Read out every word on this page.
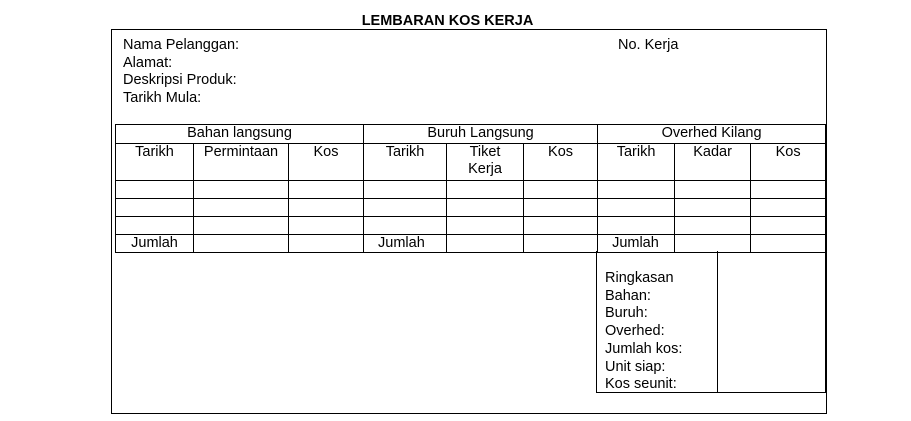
LEMBARAN KOS KERJA
Nama Pelanggan:
Alamat:
Deskripsi Produk:
Tarikh Mula:
No. Kerja
Bahan langsung			Buruh Langsung			Overhed Kilang		
Tarikh	Permintaan	Kos	Tarikh	Tiket Kerja	Kos	Tarikh	Kadar	Kos

Jumlah			Jumlah			Jumlah		
Ringkasan
Bahan:
Buruh:
Overhed:
Jumlah kos:
Unit siap:
Kos seunit:
